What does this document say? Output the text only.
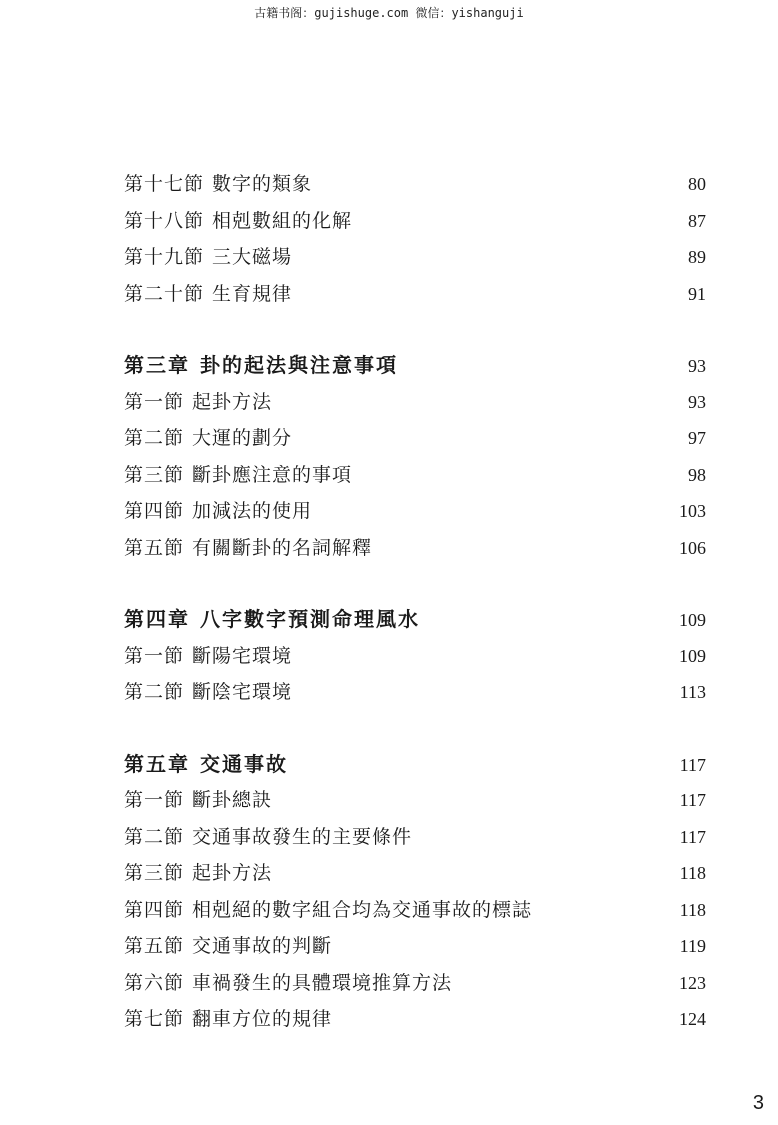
古籍书阁：gujishuge.com 微信：yishanguji
第十七節 數字的類象	80
第十八節 相剋數組的化解	87
第十九節 三大磁場	89
第二十節 生育規律	91
第三章 卦的起法與注意事項	93
第一節 起卦方法	93
第二節 大運的劃分	97
第三節 斷卦應注意的事項	98
第四節 加減法的使用	103
第五節 有關斷卦的名詞解釋	106
第四章 八字數字預測命理風水	109
第一節 斷陽宅環境	109
第二節 斷陰宅環境	113
第五章 交通事故	117
第一節 斷卦總訣	117
第二節 交通事故發生的主要條件	117
第三節 起卦方法	118
第四節 相剋絕的數字組合均為交通事故的標誌	118
第五節 交通事故的判斷	119
第六節 車禍發生的具體環境推算方法	123
第七節 翻車方位的規律	124
3
